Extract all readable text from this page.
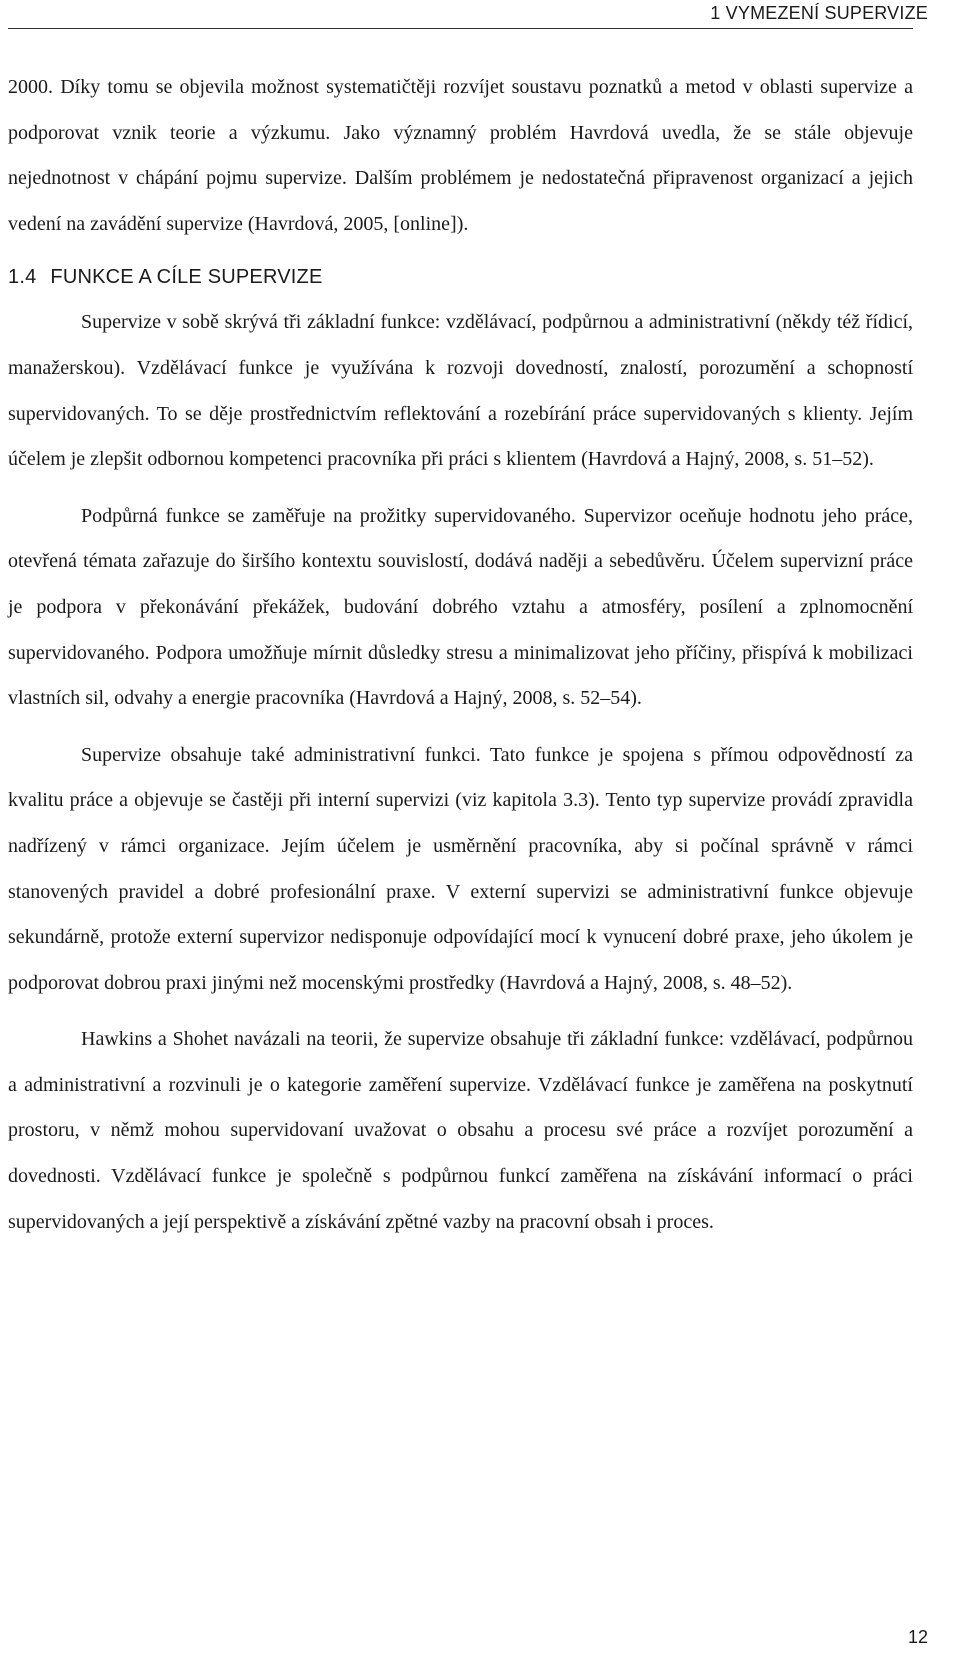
1 VYMEZENÍ SUPERVIZE

2000. Díky tomu se objevila možnost systematičtěji rozvíjet soustavu poznatků a metod v oblasti supervize a podporovat vznik teorie a výzkumu. Jako významný problém Havrdová uvedla, že se stále objevuje nejednotnost v chápání pojmu supervize. Dalším problémem je nedostatečná připravenost organizací a jejich vedení na zavádění supervize (Havrdová, 2005, [online]).

1.4 FUNKCE A CÍLE SUPERVIZE

Supervize v sobě skrývá tři základní funkce: vzdělávací, podpůrnou a administrativní (někdy též řídicí, manažerskou). Vzdělávací funkce je využívána k rozvoji dovedností, znalostí, porozumění a schopností supervidovaných. To se děje prostřednictvím reflektování a rozebírání práce supervidovaných s klienty. Jejím účelem je zlepšit odbornou kompetenci pracovníka při práci s klientem (Havrdová a Hajný, 2008, s. 51–52).

Podpůrná funkce se zaměřuje na prožitky supervidovaného. Supervizor oceňuje hodnotu jeho práce, otevřená témata zařazuje do širšího kontextu souvislostí, dodává naději a sebedůvěru. Účelem supervizní práce je podpora v překonávání překážek, budování dobrého vztahu a atmosféry, posílení a zplnomocnění supervidovaného. Podpora umožňuje mírnit důsledky stresu a minimalizovat jeho příčiny, přispívá k mobilizaci vlastních sil, odvahy a energie pracovníka (Havrdová a Hajný, 2008, s. 52–54).

Supervize obsahuje také administrativní funkci. Tato funkce je spojena s přímou odpovědností za kvalitu práce a objevuje se častěji při interní supervizi (viz kapitola 3.3). Tento typ supervize provádí zpravidla nadřízený v rámci organizace. Jejím účelem je usměrnění pracovníka, aby si počínal správně v rámci stanovených pravidel a dobré profesionální praxe. V externí supervizi se administrativní funkce objevuje sekundárně, protože externí supervizor nedisponuje odpovídající mocí k vynucení dobré praxe, jeho úkolem je podporovat dobrou praxi jinými než mocenskými prostředky (Havrdová a Hajný, 2008, s. 48–52).

Hawkins a Shohet navázali na teorii, že supervize obsahuje tři základní funkce: vzdělávací, podpůrnou a administrativní a rozvinuli je o kategorie zaměření supervize. Vzdělávací funkce je zaměřena na poskytnutí prostoru, v němž mohou supervidovaní uvažovat o obsahu a procesu své práce a rozvíjet porozumění a dovednosti. Vzdělávací funkce je společně s podpůrnou funkcí zaměřena na získávání informací o práci supervidovaných a její perspektivě a získávání zpětné vazby na pracovní obsah i proces.

12
